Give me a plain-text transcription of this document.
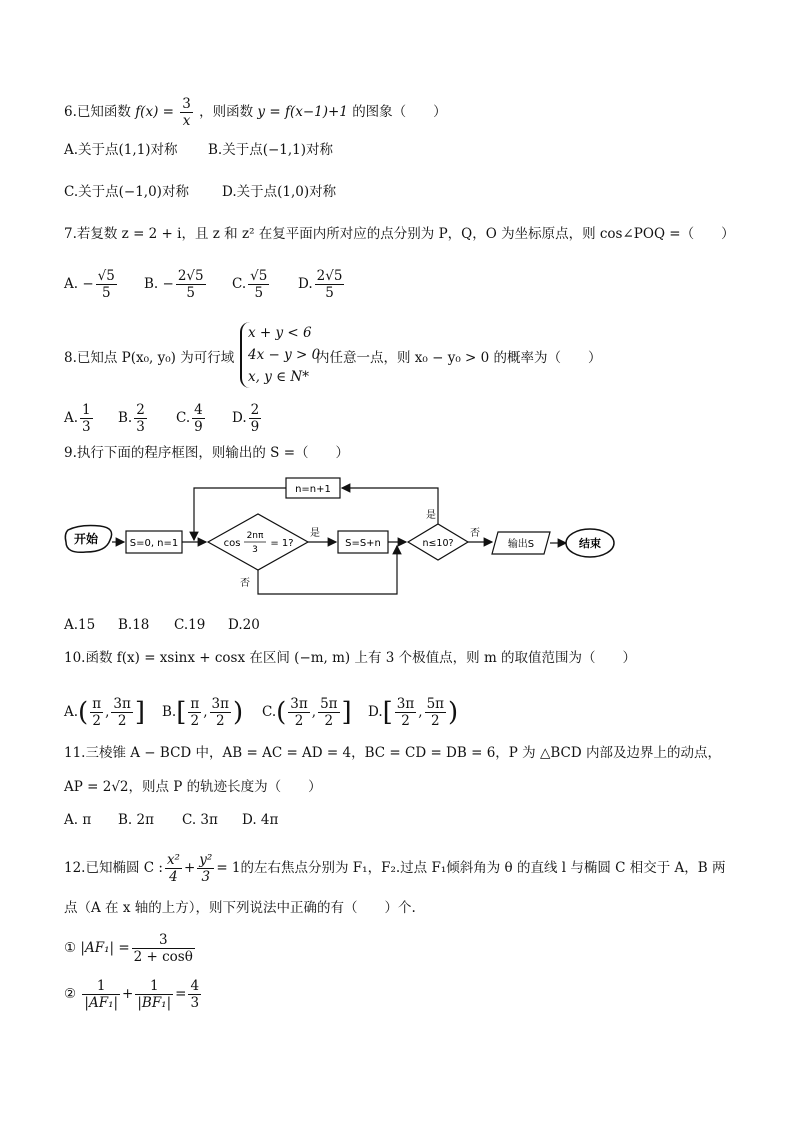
6.已知函数 $f(x) = \frac{3}{x}$ ，则函数 y = f(x−1)+1 的图象（　　）
A.关于点(1,1)对称 B.关于点(−1,1)对称
C.关于点(−1,0)对称 D.关于点(1,0)对称
7.若复数 z = 2 + i，且 z 和 z² 在复平面内所对应的点分别为 P，Q，O 为坐标原点，则 cos∠POQ =（　　）
A. − $\frac{√5}{5} B$. − $\frac{2√5}{5} C$. $\frac{√5}{5} D$. $\frac{2√5}{5}$
8.已知点 P(x₀, y₀) 为可行域
x + y < 6
4x − y > 0
x, y ∈ N*
内任意一点，则 x₀ − y₀ > 0 的概率为（　　）
A. $\frac{1}{3} B$. $\frac{2}{3} C$. $\frac{4}{9} D$. $\frac{2}{9}$
9.执行下面的程序框图，则输出的 S =（　　）
开始	S=0, n=1	cos
2nπ
3
= 1?
是
S=S+n
否
n≤10?
否
输出S	结束
是
n=n+1
A.15 B.18 C.19 D.20
10.函数 f(x) = xsinx + cosx 在区间 (−m, m) 上有 3 个极值点，则 m 的取值范围为（　　）
$A.( \frac{\pi}{2}$ , $\frac{3\pi}{2}$ ] $B.[ \frac{\pi}{2}$ , $\frac{3\pi}{2}$ ) $C.( \frac{3\pi}{2}$ , $\frac{5\pi}{2}$ ] $D.[ \frac{3\pi}{2}$ , $\frac{5\pi}{2}$ )
11.三棱锥 A − BCD 中，AB = AC = AD = 4，BC = CD = DB = 6，P 为 △BCD 内部及边界上的动点，
AP = 2√2，则点 P 的轨迹长度为（　　）
A. π B. 2π C. 3π D. 4π
12.已知椭圆 C : $\frac{\text{x²}}{4} + \frac{\text{y²}}{3} = 1$的左右焦点分别为 F₁，F₂.过点 F₁倾斜角为 θ 的直线 l 与椭圆 C 相交于 A，B 两
点（A 在 x 轴的上方），则下列说法中正确的有（　　）个.
① $|AF_1| = \frac{3}{2 + \cos\theta}$
② $\frac{1}{\text{|AF₁|}} + \frac{1}{\text{|BF₁|}} = \frac{4}{3}$
